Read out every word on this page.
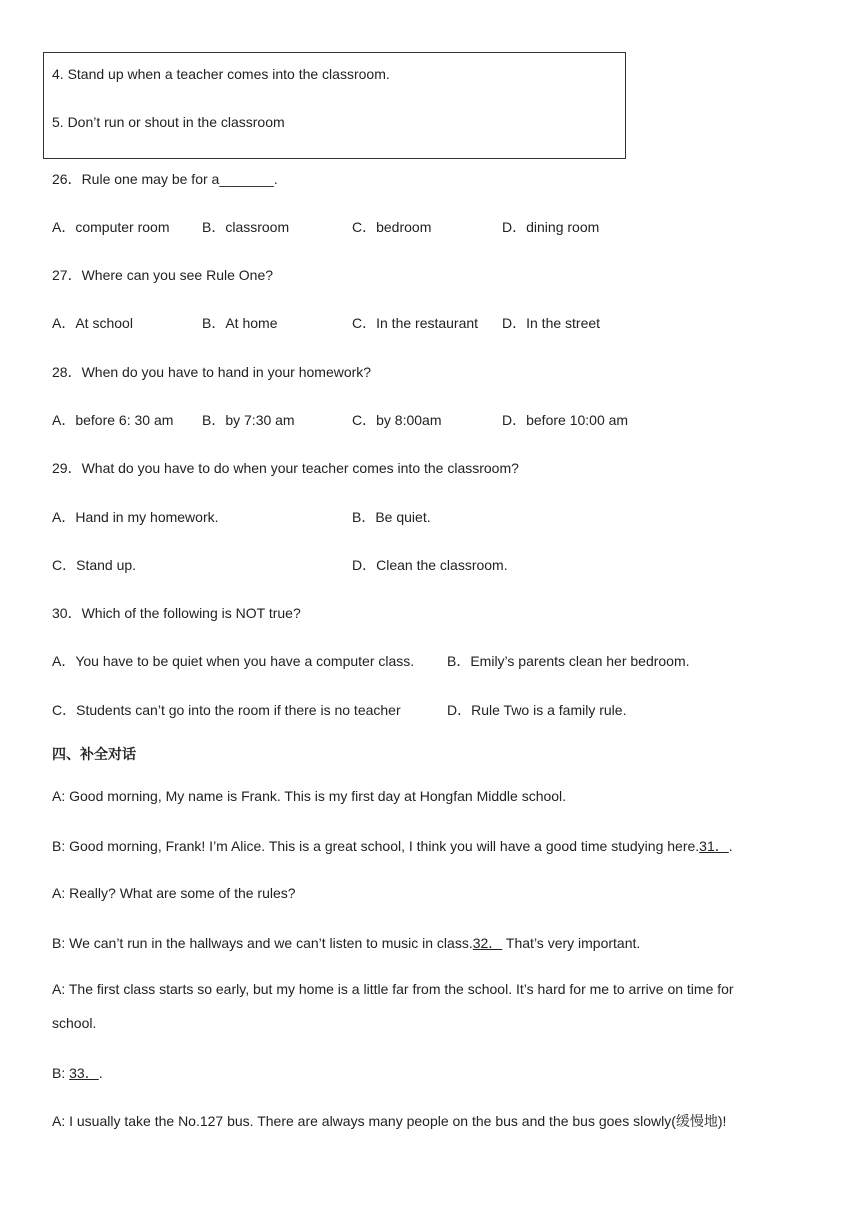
4. Stand up when a teacher comes into the classroom.
5. Don’t run or shout in the classroom
26．Rule one may be for a_______.
A．computer room B．classroom	C．bedroom	D．dining room
27．Where can you see Rule One?
A．At school	B．At home	C．In the restaurant D．In the street
28．When do you have to hand in your homework?
A．before 6: 30 am B．by 7:30 am	C．by 8:00am	D．before 10:00 am
29．What do you have to do when your teacher comes into the classroom?
A．Hand in my homework.	B．Be quiet.
C．Stand up.	D．Clean the classroom.
30．Which of the following is NOT true?
A．You have to be quiet when you have a computer class. B．Emily’s parents clean her bedroom.
C．Students can’t go into the room if there is no teacher	D．Rule Two is a family rule.
四、补全对话
A: Good morning, My name is Frank. This is my first day at Hongfan Middle school.
B: Good morning, Frank! I’m Alice. This is a great school, I think you will have a good time studying here.31．.
A: Really? What are some of the rules?
B: We can’t run in the hallways and we can’t listen to music in class.32． That’s very important.
A: The first class starts so early, but my home is a little far from the school. It’s hard for me to arrive on time for
school.
B: 33．.
A: I usually take the No.127 bus. There are always many people on the bus and the bus goes slowly(缓慢地)!
